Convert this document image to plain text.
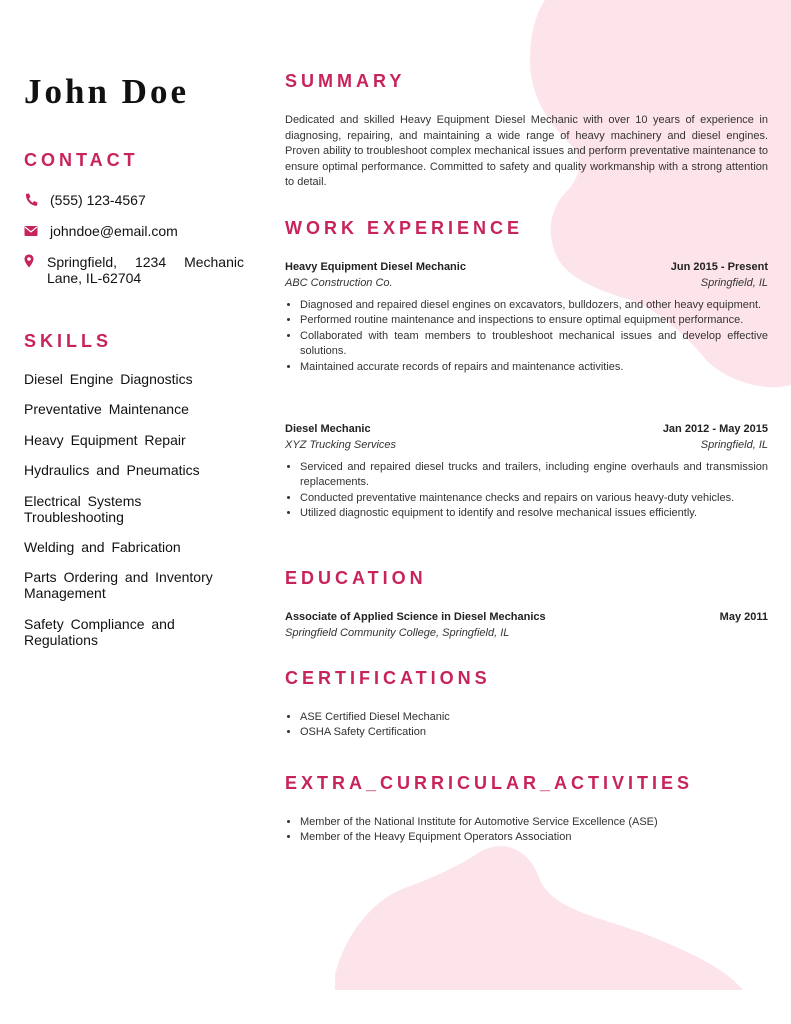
John Doe
CONTACT
(555) 123-4567
johndoe@email.com
Springfield, 1234 Mechanic
Lane, IL-62704
SKILLS
Diesel Engine Diagnostics
Preventative Maintenance
Heavy Equipment Repair
Hydraulics and Pneumatics
Electrical Systems Troubleshooting
Welding and Fabrication
Parts Ordering and Inventory Management
Safety Compliance and Regulations
SUMMARY

Dedicated and skilled Heavy Equipment Diesel Mechanic with over 10 years of experience in diagnosing, repairing, and maintaining a wide range of heavy machinery and diesel engines. Proven ability to troubleshoot complex mechanical issues and perform preventative maintenance to ensure optimal performance. Committed to safety and quality workmanship with a strong attention to detail.

WORK EXPERIENCE
Heavy Equipment Diesel Mechanic	Jun 2015 - Present
ABC Construction Co.	Springfield, IL
• Diagnosed and repaired diesel engines on excavators, bulldozers, and other heavy equipment.
• Performed routine maintenance and inspections to ensure optimal equipment performance.
• Collaborated with team members to troubleshoot mechanical issues and develop effective solutions.
• Maintained accurate records of repairs and maintenance activities.
Diesel Mechanic	Jan 2012 - May 2015
XYZ Trucking Services	Springfield, IL
• Serviced and repaired diesel trucks and trailers, including engine overhauls and transmission replacements.
• Conducted preventative maintenance checks and repairs on various heavy-duty vehicles.
• Utilized diagnostic equipment to identify and resolve mechanical issues efficiently.
EDUCATION
Associate of Applied Science in Diesel Mechanics	May 2011
Springfield Community College, Springfield, IL
CERTIFICATIONS
• ASE Certified Diesel Mechanic
• OSHA Safety Certification
EXTRA_CURRICULAR_ACTIVITIES
• Member of the National Institute for Automotive Service Excellence (ASE)
• Member of the Heavy Equipment Operators Association
